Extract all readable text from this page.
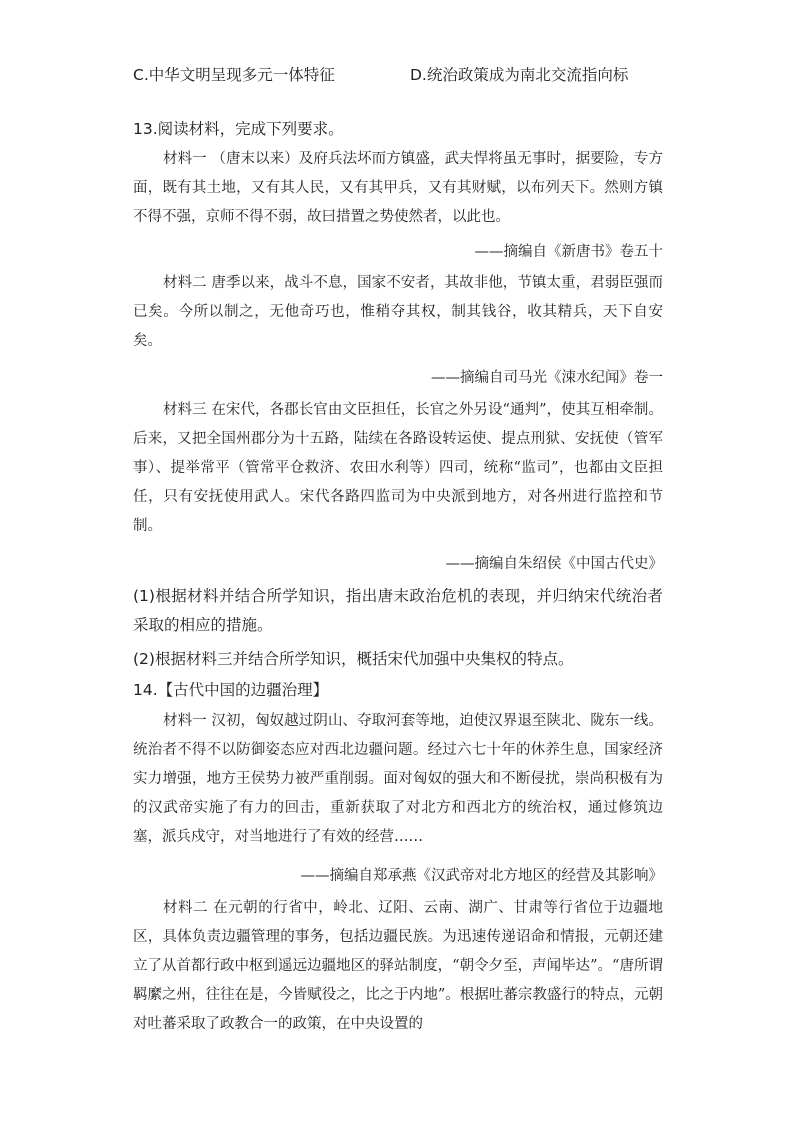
C.中华文明呈现多元一体特征	D.统治政策成为南北交流指向标

13.阅读材料，完成下列要求。

材料一 （唐末以来）及府兵法坏而方镇盛，武夫悍将虽无事时，据要险，专方面，既有其土地，又有其人民，又有其甲兵，又有其财赋，以布列天下。然则方镇不得不强，京师不得不弱，故曰措置之势使然者，以此也。

——摘编自《新唐书》卷五十

材料二 唐季以来，战斗不息，国家不安者，其故非他，节镇太重，君弱臣强而已矣。今所以制之，无他奇巧也，惟稍夺其权，制其钱谷，收其精兵，天下自安矣。

——摘编自司马光《涑水纪闻》卷一

材料三 在宋代，各郡长官由文臣担任，长官之外另设“通判”，使其互相牵制。后来，又把全国州郡分为十五路，陆续在各路设转运使、提点刑狱、安抚使（管军事）、提举常平（管常平仓救济、农田水利等）四司，统称“监司”，也都由文臣担任，只有安抚使用武人。宋代各路四监司为中央派到地方，对各州进行监控和节制。

——摘编自朱绍侯《中国古代史》

(1)根据材料并结合所学知识，指出唐末政治危机的表现，并归纳宋代统治者采取的相应的措施。

(2)根据材料三并结合所学知识，概括宋代加强中央集权的特点。

14.【古代中国的边疆治理】

材料一 汉初，匈奴越过阴山、夺取河套等地，迫使汉界退至陕北、陇东一线。统治者不得不以防御姿态应对西北边疆问题。经过六七十年的休养生息，国家经济实力增强，地方王侯势力被严重削弱。面对匈奴的强大和不断侵扰，崇尚积极有为的汉武帝实施了有力的回击，重新获取了对北方和西北方的统治权，通过修筑边塞，派兵戍守，对当地进行了有效的经营……

——摘编自郑承燕《汉武帝对北方地区的经营及其影响》

材料二 在元朝的行省中，岭北、辽阳、云南、湖广、甘肃等行省位于边疆地区，具体负责边疆管理的事务，包括边疆民族。为迅速传递诏命和情报，元朝还建立了从首都行政中枢到遥远边疆地区的驿站制度，“朝令夕至，声闻毕达”。“唐所谓羁縻之州，往往在是，今皆赋役之，比之于内地”。根据吐蕃宗教盛行的特点，元朝对吐蕃采取了政教合一的政策，在中央设置的
